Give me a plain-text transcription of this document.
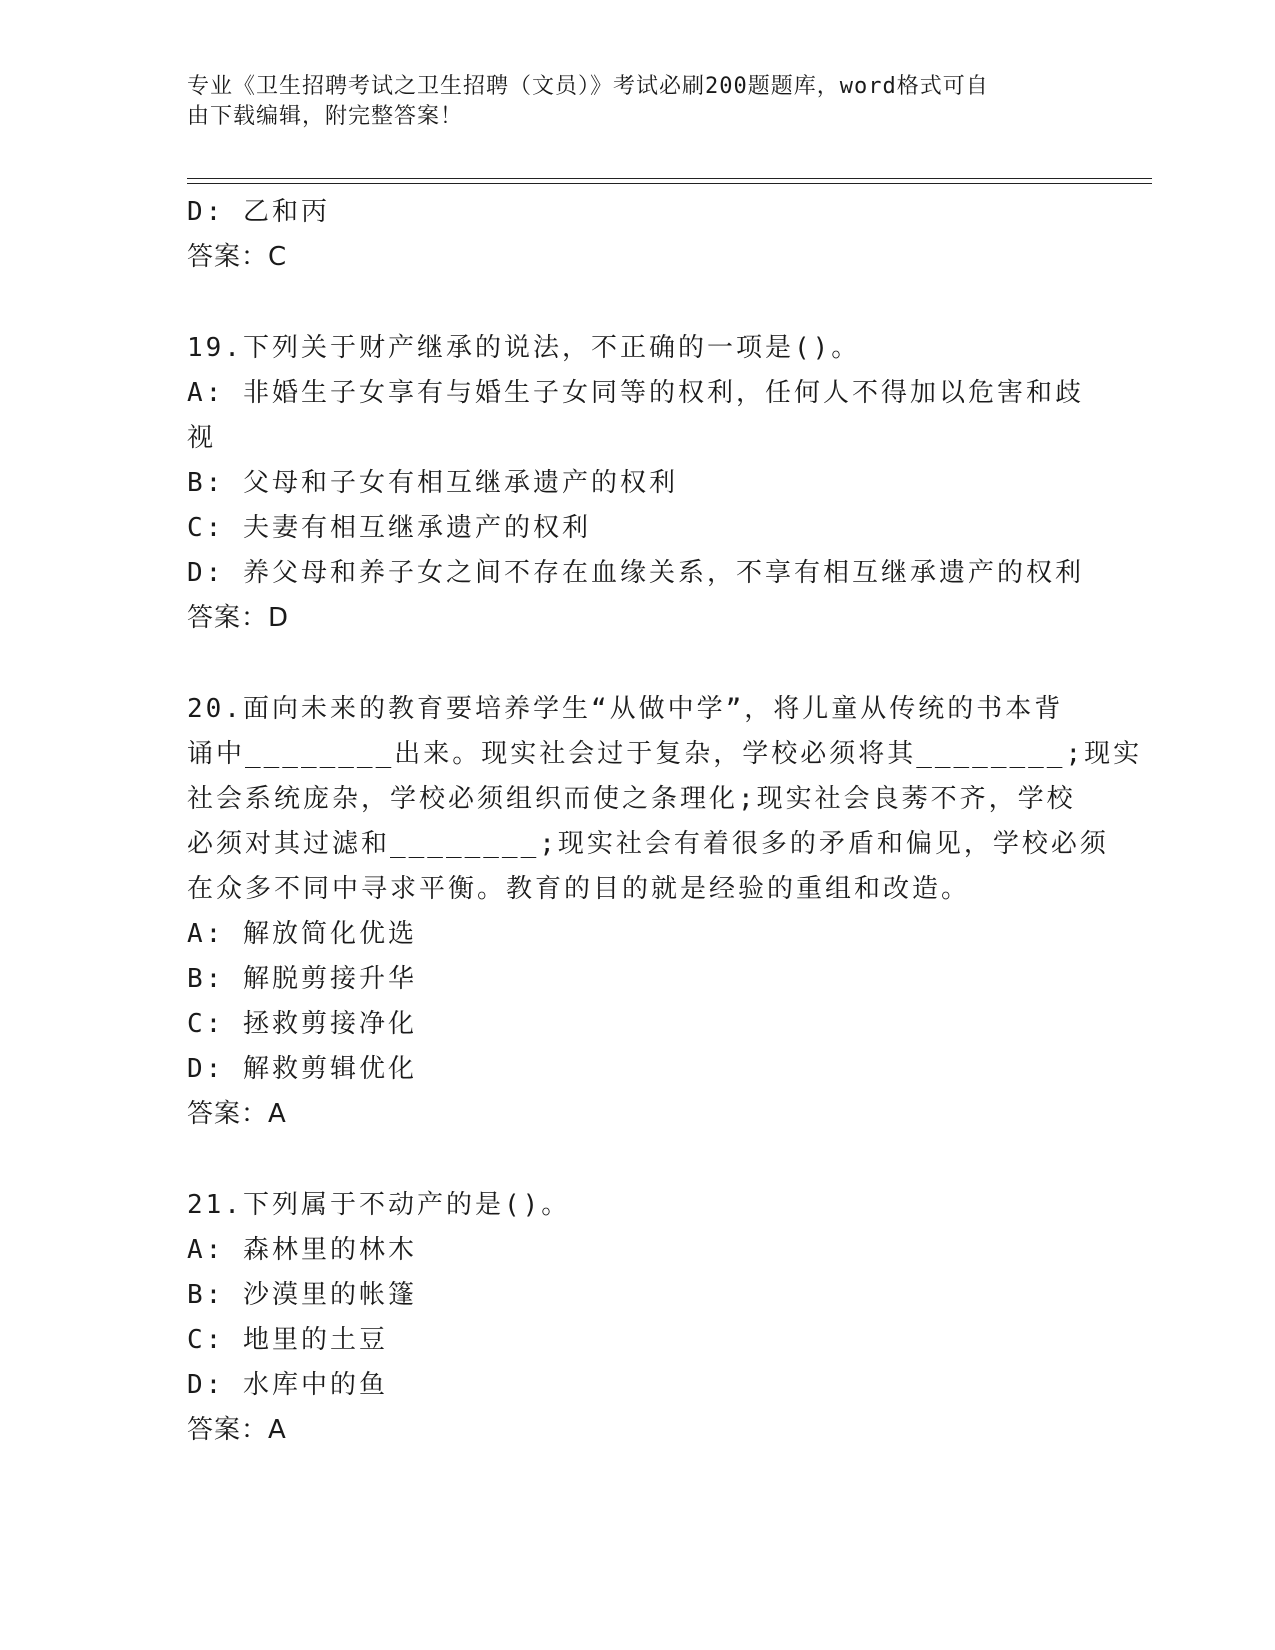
专业《卫生招聘考试之卫生招聘（文员）》考试必刷200题题库，word格式可自
由下载编辑，附完整答案！
D: 乙和丙
答案：C
19.下列关于财产继承的说法，不正确的一项是()。
A: 非婚生子女享有与婚生子女同等的权利，任何人不得加以危害和歧
视
B: 父母和子女有相互继承遗产的权利
C: 夫妻有相互继承遗产的权利
D: 养父母和养子女之间不存在血缘关系，不享有相互继承遗产的权利
答案：D
20.面向未来的教育要培养学生“从做中学”，将儿童从传统的书本背
诵中________出来。现实社会过于复杂，学校必须将其________;现实
社会系统庞杂，学校必须组织而使之条理化;现实社会良莠不齐，学校
必须对其过滤和________;现实社会有着很多的矛盾和偏见，学校必须
在众多不同中寻求平衡。教育的目的就是经验的重组和改造。
A: 解放简化优选
B: 解脱剪接升华
C: 拯救剪接净化
D: 解救剪辑优化
答案：A
21.下列属于不动产的是()。
A: 森林里的林木
B: 沙漠里的帐篷
C: 地里的土豆
D: 水库中的鱼
答案：A
